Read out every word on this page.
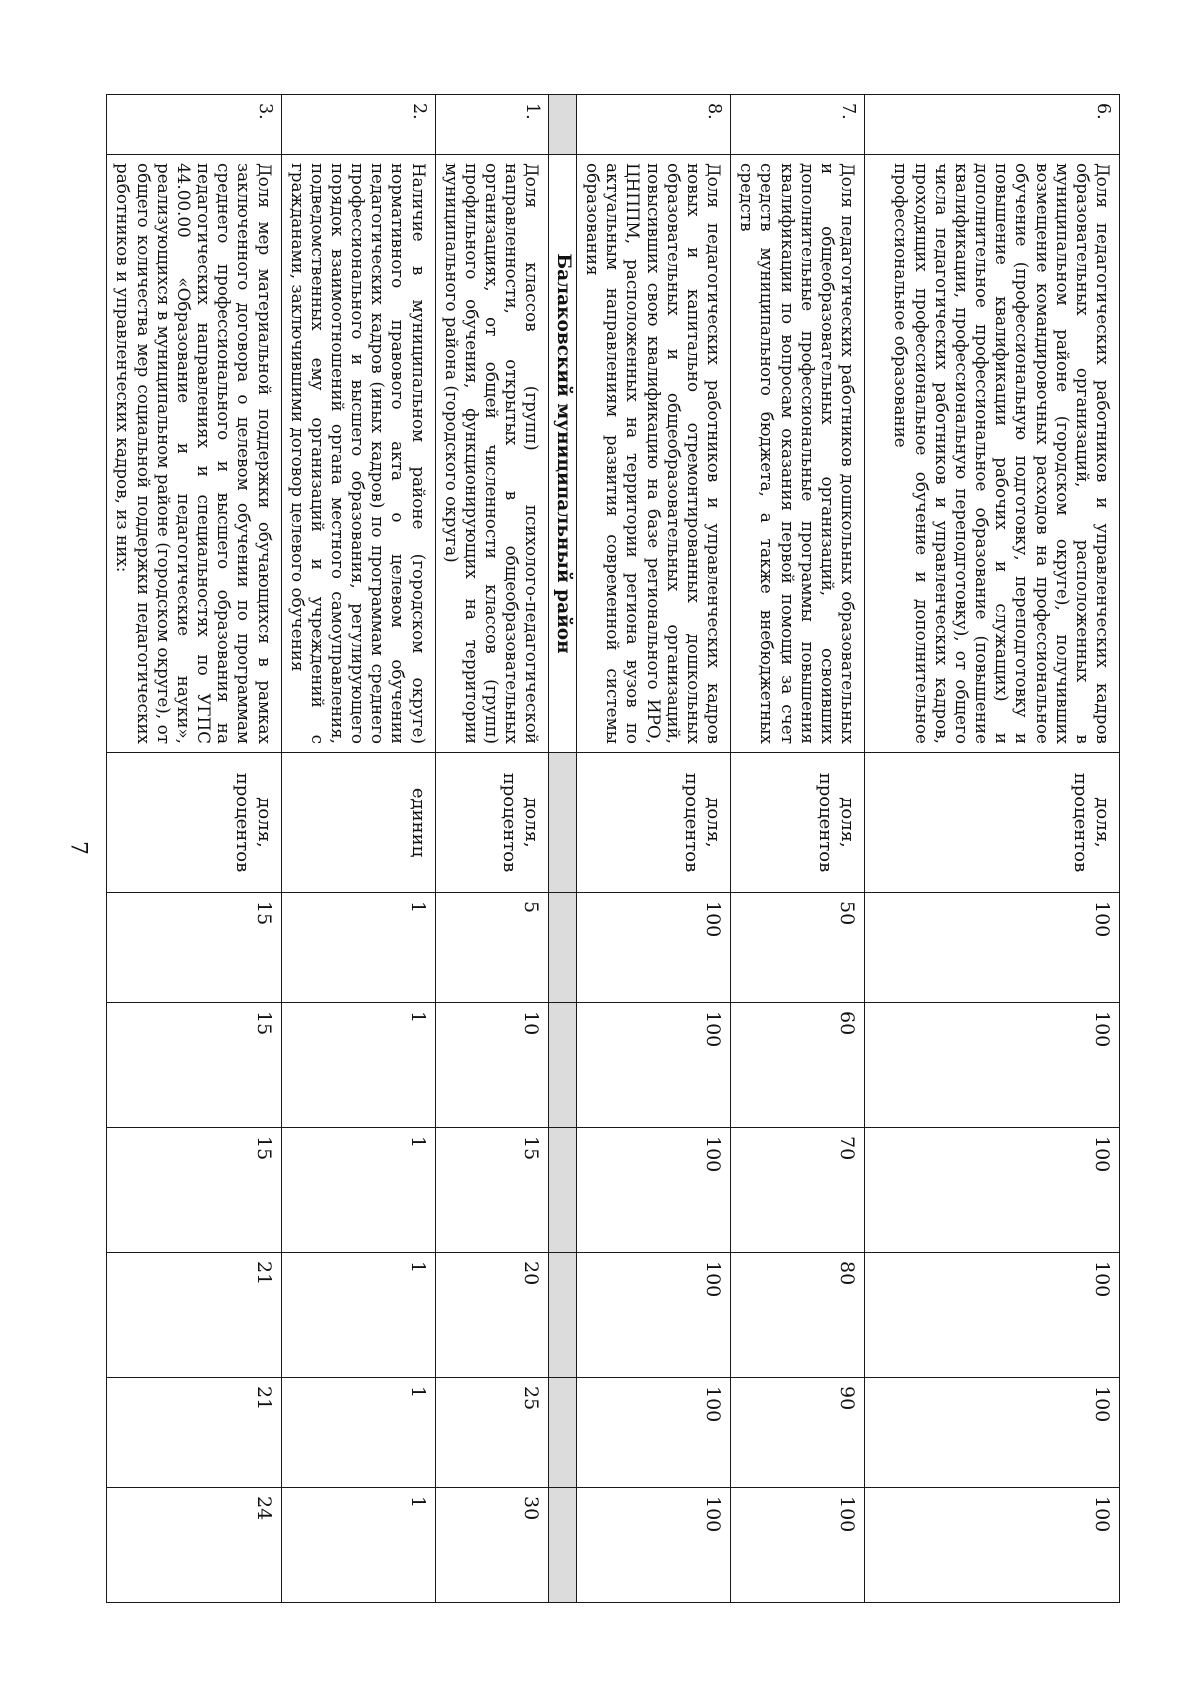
7
6.	Доля педагогических работников и управленческих кадров образовательных организаций, расположенных в муниципальном районе (городском округе), получивших возмещение командировочных расходов на профессиональное обучение (профессиональную подготовку, переподготовку и повышение квалификации рабочих и служащих) и дополнительное профессиональное образование (повышение квалификации, профессиональную переподготовку), от общего числа педагогических работников и управленческих кадров, проходящих профессиональное обучение и дополнительное профессиональное образование	доля, процентов	100	100	100	100	100	100
7.	Доля педагогических работников дошкольных образовательных и общеобразовательных организаций, освоивших дополнительные профессиональные программы повышения квалификации по вопросам оказания первой помощи за счет средств муниципального бюджета, а также внебюджетных средств	доля, процентов	50	60	70	80	90	100
8.	Доля педагогических работников и управленческих кадров новых и капитально отремонтированных дошкольных образовательных и общеобразовательных организаций, повысивших свою квалификацию на базе регионального ИРО, ЦНППМ, расположенных на территории региона вузов по актуальным направлениям развития современной системы образования	доля, процентов	100	100	100	100	100	100
	Балаковский муниципальный район							
1.	Доля классов (групп) психолого-педагогической направленности, открытых в общеобразовательных организациях, от общей численности классов (групп) профильного обучения, функционирующих на территории муниципального района (городского округа)	доля, процентов	5	10	15	20	25	30
2.	Наличие в муниципальном районе (городском округе) нормативного правового акта о целевом обучении педагогических кадров (иных кадров) по программам среднего профессионального и высшего образования, регулирующего порядок взаимоотношений органа местного самоуправления, подведомственных ему организаций и учреждений с гражданами, заключившими договор целевого обучения	единиц	1	1	1	1	1	1
3.	Доля мер материальной поддержки обучающихся в рамках заключенного договора о целевом обучении по программам среднего профессионального и высшего образования на педагогических направлениях и специальностях по УГПС 44.00.00 «Образование и педагогические науки», реализующихся в муниципальном районе (городском округе), от общего количества мер социальной поддержки педагогических работников и управленческих кадров, из них:	доля, процентов	15	15	15	21	21	24
